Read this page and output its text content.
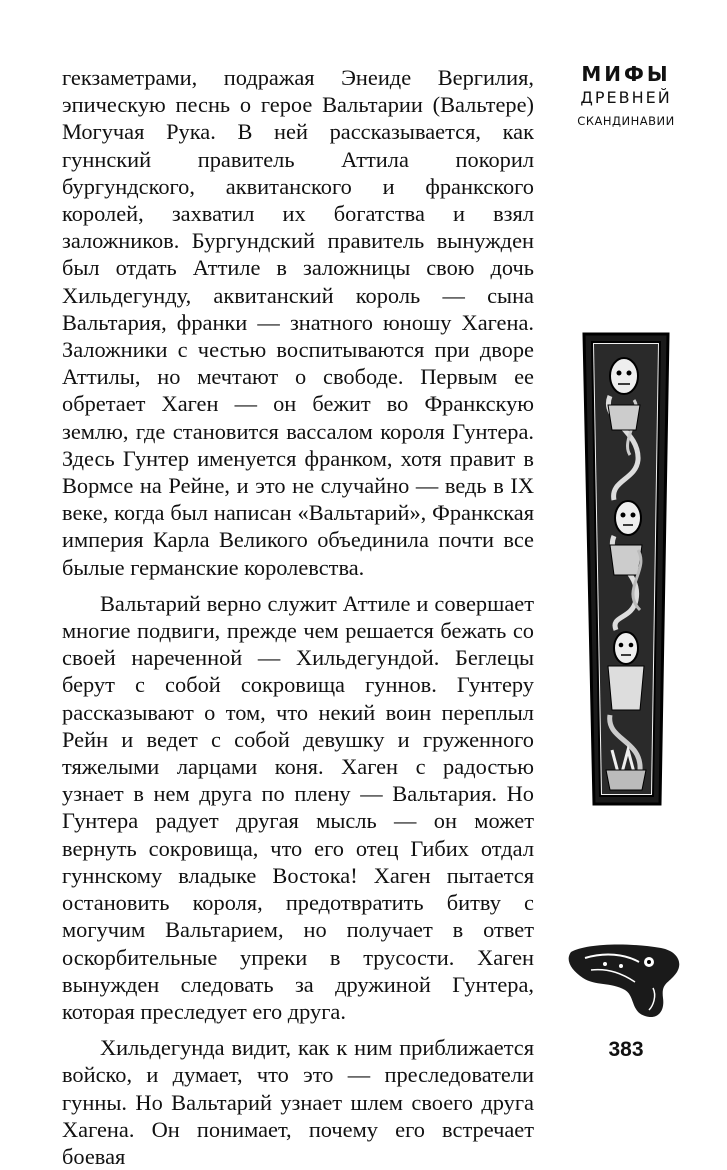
МИФЫ
ДРЕВНЕЙ
СКАНДИНАВИИ

гекзаметрами, подражая Энеиде Вергилия, эпическую песнь о герое Вальтарии (Вальтере) Могучая Рука. В ней рассказывается, как гуннский правитель Аттила покорил бургундского, аквитанского и франкского королей, захватил их богатства и взял заложников. Бургундский правитель вынужден был отдать Аттиле в заложницы свою дочь Хильдегунду, аквитанский король — сына Вальтария, франки — знатного юношу Хагена. Заложники с честью воспитываются при дворе Аттилы, но мечтают о свободе. Первым ее обретает Хаген — он бежит во Франкскую землю, где становится вассалом короля Гунтера. Здесь Гунтер именуется франком, хотя правит в Вормсе на Рейне, и это не случайно — ведь в IX веке, когда был написан «Вальтарий», Франкская империя Карла Великого объединила почти все былые германские королевства.

Вальтарий верно служит Аттиле и совершает многие подвиги, прежде чем решается бежать со своей нареченной — Хильдегундой. Беглецы берут с собой сокровища гуннов. Гунтеру рассказывают о том, что некий воин переплыл Рейн и ведет с собой девушку и груженного тяжелыми ларцами коня. Хаген с радостью узнает в нем друга по плену — Вальтария. Но Гунтера радует другая мысль — он может вернуть сокровища, что его отец Гибих отдал гуннскому владыке Востока! Хаген пытается остановить короля, предотвратить битву с могучим Вальтарием, но получает в ответ оскорбительные упреки в трусости. Хаген вынужден следовать за дружиной Гунтера, которая преследует его друга.

Хильдегунда видит, как к ним приближается войско, и думает, что это — преследователи гунны. Но Вальтарий узнает шлем своего друга Хагена. Он понимает, почему его встречает боевая

383
